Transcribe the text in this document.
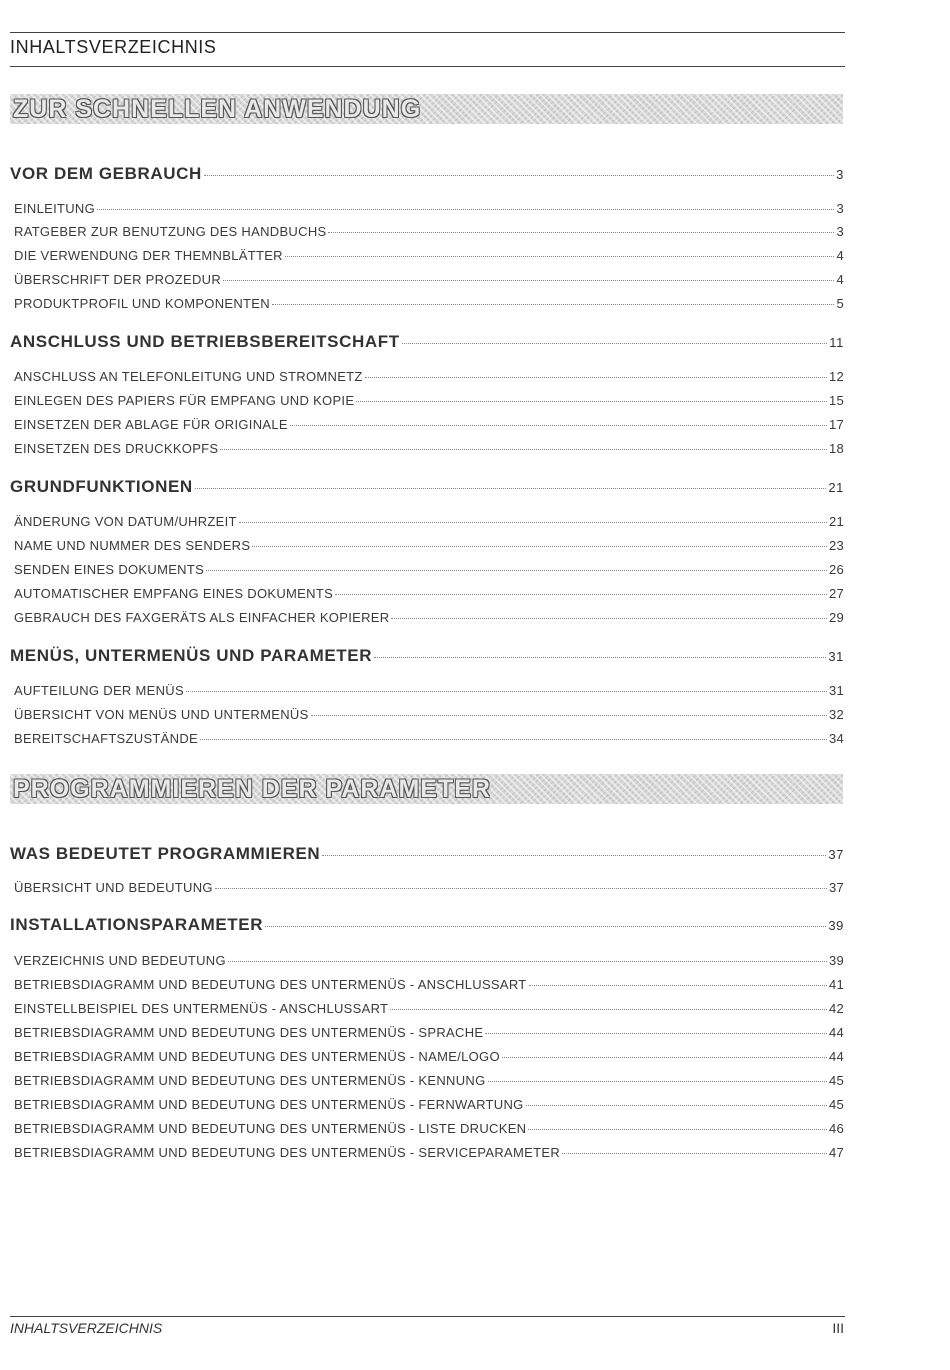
INHALTSVERZEICHNIS
ZUR SCHNELLEN ANWENDUNG
VOR DEM GEBRAUCH	3
EINLEITUNG	3
RATGEBER ZUR BENUTZUNG DES HANDBUCHS	3
DIE VERWENDUNG DER THEMNBLÄTTER	4
ÜBERSCHRIFT DER PROZEDUR	4
PRODUKTPROFIL UND KOMPONENTEN	5
ANSCHLUSS UND BETRIEBSBEREITSCHAFT	11
ANSCHLUSS AN TELEFONLEITUNG UND STROMNETZ	12
EINLEGEN DES PAPIERS FÜR EMPFANG UND KOPIE	15
EINSETZEN DER ABLAGE FÜR ORIGINALE	17
EINSETZEN DES DRUCKKOPFS	18
GRUNDFUNKTIONEN	21
ÄNDERUNG VON DATUM/UHRZEIT	21
NAME UND NUMMER DES SENDERS	23
SENDEN EINES DOKUMENTS	26
AUTOMATISCHER EMPFANG EINES DOKUMENTS	27
GEBRAUCH DES FAXGERÄTS ALS EINFACHER KOPIERER	29
MENÜS, UNTERMENÜS UND PARAMETER	31
AUFTEILUNG DER MENÜS	31
ÜBERSICHT VON MENÜS UND UNTERMENÜS	32
BEREITSCHAFTSZUSTÄNDE	34
PROGRAMMIEREN DER PARAMETER
WAS BEDEUTET PROGRAMMIEREN	37
ÜBERSICHT UND BEDEUTUNG	37
INSTALLATIONSPARAMETER	39
VERZEICHNIS UND BEDEUTUNG	39
BETRIEBSDIAGRAMM UND BEDEUTUNG DES UNTERMENÜS - ANSCHLUSSART	41
EINSTELLBEISPIEL DES UNTERMENÜS - ANSCHLUSSART	42
BETRIEBSDIAGRAMM UND BEDEUTUNG DES UNTERMENÜS - SPRACHE	44
BETRIEBSDIAGRAMM UND BEDEUTUNG DES UNTERMENÜS - NAME/LOGO	44
BETRIEBSDIAGRAMM UND BEDEUTUNG DES UNTERMENÜS - KENNUNG	45
BETRIEBSDIAGRAMM UND BEDEUTUNG DES UNTERMENÜS - FERNWARTUNG	45
BETRIEBSDIAGRAMM UND BEDEUTUNG DES UNTERMENÜS - LISTE DRUCKEN	46
BETRIEBSDIAGRAMM UND BEDEUTUNG DES UNTERMENÜS - SERVICEPARAMETER	47
INHALTSVERZEICHNIS	III
